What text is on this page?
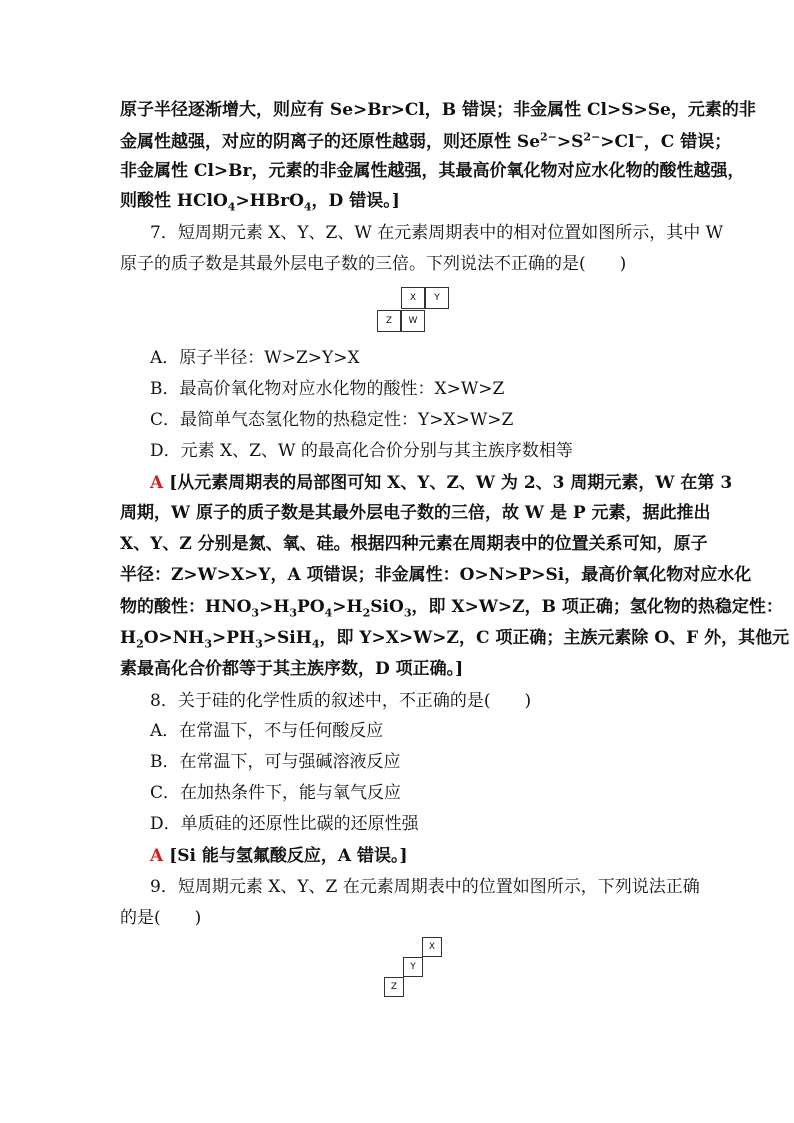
原子半径逐渐增大，则应有 Se>Br>Cl，B 错误；非金属性 Cl>S>Se，元素的非
金属性越强，对应的阴离子的还原性越弱，则还原性 $Se^{2-}>S^{2-}>Cl^-$，C 错误；
非金属性 Cl>Br，元素的非金属性越强，其最高价氧化物对应水化物的酸性越强，
则酸性 HClO$_4$>HBrO$_4$，D 错误。]
7．短周期元素 X、Y、Z、W 在元素周期表中的相对位置如图所示，其中 W
原子的质子数是其最外层电子数的三倍。下列说法不正确的是(　　)
X	Y
Z	W
A．原子半径：W>Z>Y>X
B．最高价氧化物对应水化物的酸性：X>W>Z
C．最简单气态氢化物的热稳定性：Y>X>W>Z
D．元素 X、Z、W 的最高化合价分别与其主族序数相等
A [从元素周期表的局部图可知 X、Y、Z、W 为 2、3 周期元素，W 在第 3
周期，W 原子的质子数是其最外层电子数的三倍，故 W 是 P 元素，据此推出
X、Y、Z 分别是氮、氧、硅。根据四种元素在周期表中的位置关系可知，原子
半径：Z>W>X>Y，A 项错误；非金属性：O>N>P>Si，最高价氧化物对应水化
物的酸性：$HNO_3>H_3PO_4>H_2SiO_3$，即 X>W>Z，B 项正确；氢化物的热稳定性：
$H_2O>NH_3>PH_3>SiH_4$，即 Y>X>W>Z，C 项正确；主族元素除 O、F 外，其他元
素最高化合价都等于其主族序数，D 项正确。]
8．关于硅的化学性质的叙述中，不正确的是(　　)
A．在常温下，不与任何酸反应
B．在常温下，可与强碱溶液反应
C．在加热条件下，能与氧气反应
D．单质硅的还原性比碳的还原性强
A [Si 能与氢氟酸反应，A 错误。]
9．短周期元素 X、Y、Z 在元素周期表中的位置如图所示，下列说法正确
的是(　　)
X
Y
Z
